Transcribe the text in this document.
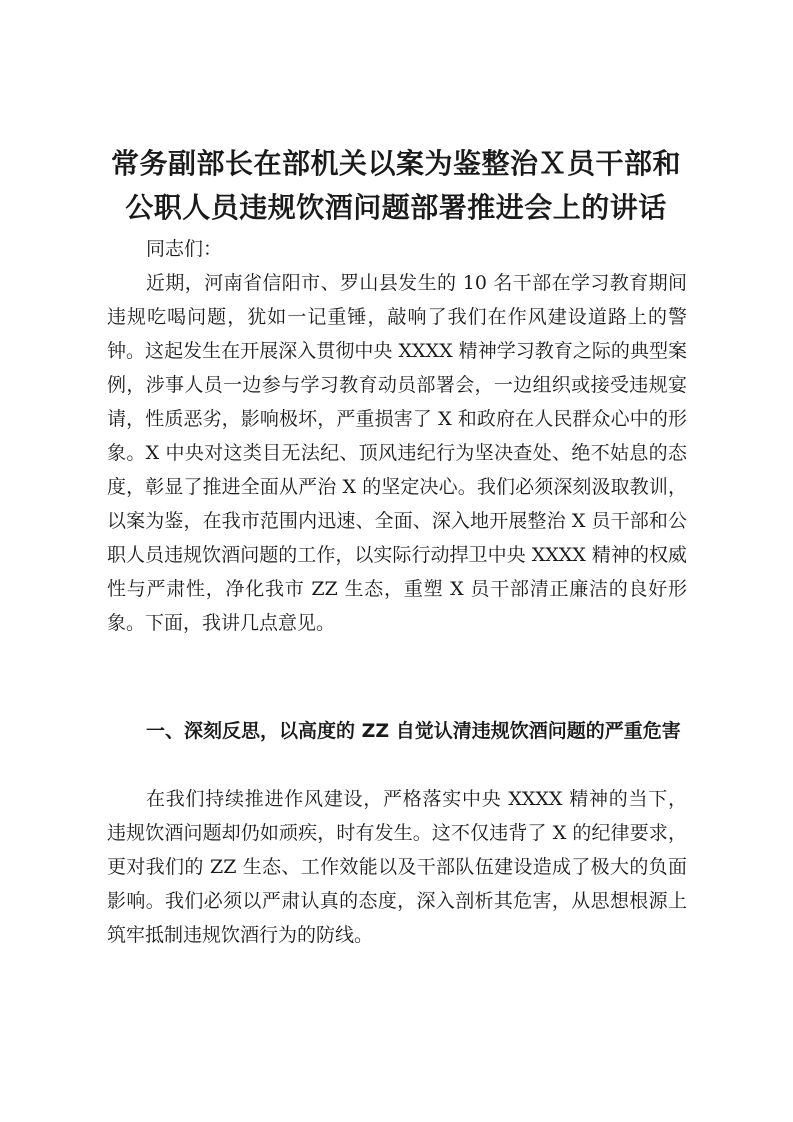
常务副部长在部机关以案为鉴整治Ｘ员干部和
公职人员违规饮酒问题部署推进会上的讲话

同志们：

近期，河南省信阳市、罗山县发生的 10 名干部在学习教育期间违规吃喝问题，犹如一记重锤，敲响了我们在作风建设道路上的警钟。这起发生在开展深入贯彻中央 XXXX 精神学习教育之际的典型案例，涉事人员一边参与学习教育动员部署会，一边组织或接受违规宴请，性质恶劣，影响极坏，严重损害了 X 和政府在人民群众心中的形象。X 中央对这类目无法纪、顶风违纪行为坚决查处、绝不姑息的态度，彰显了推进全面从严治 X 的坚定决心。我们必须深刻汲取教训，以案为鉴，在我市范围内迅速、全面、深入地开展整治 X 员干部和公职人员违规饮酒问题的工作，以实际行动捍卫中央 XXXX 精神的权威性与严肃性，净化我市 ZZ 生态，重塑 X 员干部清正廉洁的良好形象。下面，我讲几点意见。

一、深刻反思，以高度的 ZZ 自觉认清违规饮酒问题的严重危害

在我们持续推进作风建设，严格落实中央 XXXX 精神的当下，违规饮酒问题却仍如顽疾，时有发生。这不仅违背了 X 的纪律要求，更对我们的 ZZ 生态、工作效能以及干部队伍建设造成了极大的负面影响。我们必须以严肃认真的态度，深入剖析其危害，从思想根源上筑牢抵制违规饮酒行为的防线。
